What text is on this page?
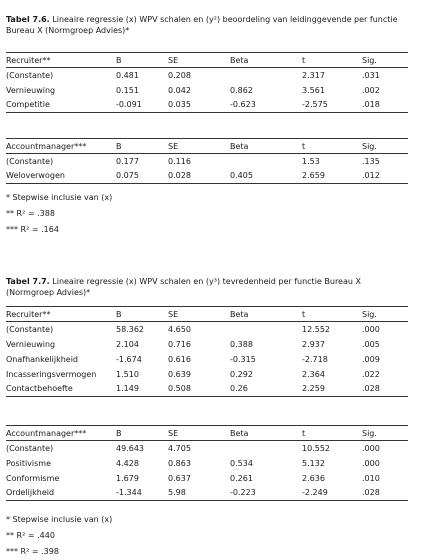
Tabel 7.6. Lineaire regressie (x) WPV schalen en (y²) beoordeling van leidinggevende per functie Bureau X (Normgroep Advies)*
Recruiter**	B	SE	Beta	t	Sig.
(Constante)	0.481	0.208		2.317	.031
Vernieuwing	0.151	0.042	0.862	3.561	.002
Competitie	-0.091	0.035	-0.623	-2.575	.018
Accountmanager***	B	SE	Beta	t	Sig.
(Constante)	0.177	0.116		1.53	.135
Weloverwogen	0.075	0.028	0.405	2.659	.012
* Stepwise inclusie van (x)
** R² = .388
*** R² = .164
Tabel 7.7. Lineaire regressie (x) WPV schalen en (y³) tevredenheid per functie Bureau X (Normgroep Advies)*
Recruiter**	B	SE	Beta	t	Sig.
(Constante)	58.362	4.650		12.552	.000
Vernieuwing	2.104	0.716	0.388	2.937	.005
Onafhankelijkheid	-1.674	0.616	-0.315	-2.718	.009
Incasseringsvermogen	1.510	0.639	0.292	2.364	.022
Contactbehoefte	1.149	0.508	0.26	2.259	.028
Accountmanager***	B	SE	Beta	t	Sig.
(Constante)	49.643	4.705		10.552	.000
Positivisme	4.428	0.863	0.534	5.132	.000
Conformisme	1.679	0.637	0.261	2.636	.010
Ordelijkheid	-1.344	5.98	-0.223	-2.249	.028
* Stepwise inclusie van (x)
** R² = .440
*** R² = .398
